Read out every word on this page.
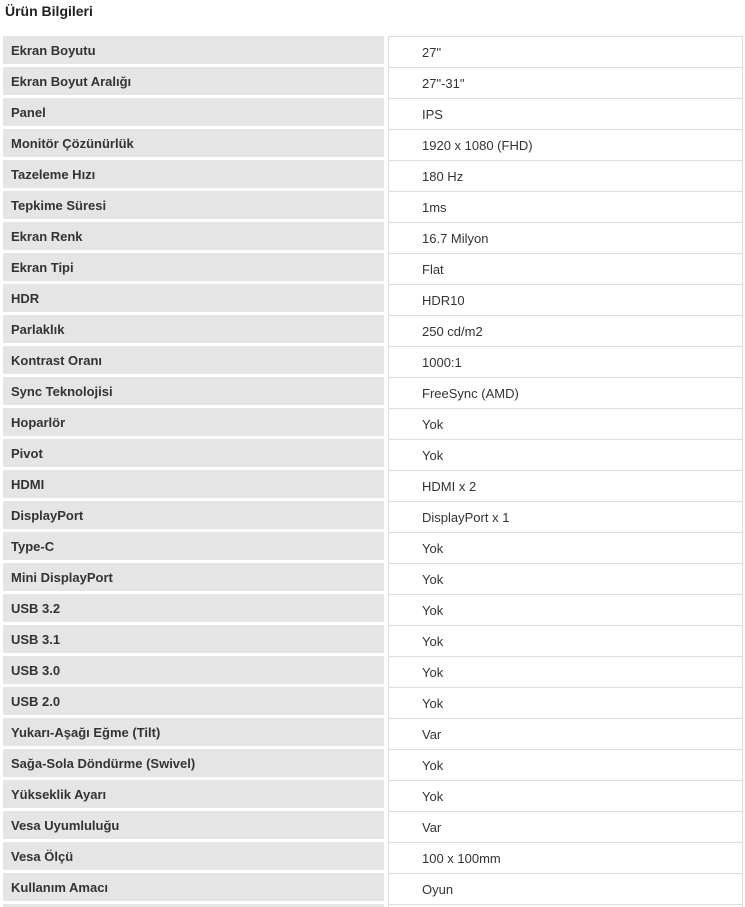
Ürün Bilgileri
Ekran Boyutu	27"
Ekran Boyut Aralığı	27"-31"
Panel	IPS
Monitör Çözünürlük	1920 x 1080 (FHD)
Tazeleme Hızı	180 Hz
Tepkime Süresi	1ms
Ekran Renk	16.7 Milyon
Ekran Tipi	Flat
HDR	HDR10
Parlaklık	250 cd/m2
Kontrast Oranı	1000:1
Sync Teknolojisi	FreeSync (AMD)
Hoparlör	Yok
Pivot	Yok
HDMI	HDMI x 2
DisplayPort	DisplayPort x 1
Type-C	Yok
Mini DisplayPort	Yok
USB 3.2	Yok
USB 3.1	Yok
USB 3.0	Yok
USB 2.0	Yok
Yukarı-Aşağı Eğme (Tilt)	Var
Sağa-Sola Döndürme (Swivel)	Yok
Yükseklik Ayarı	Yok
Vesa Uyumluluğu	Var
Vesa Ölçü	100 x 100mm
Kullanım Amacı	Oyun
